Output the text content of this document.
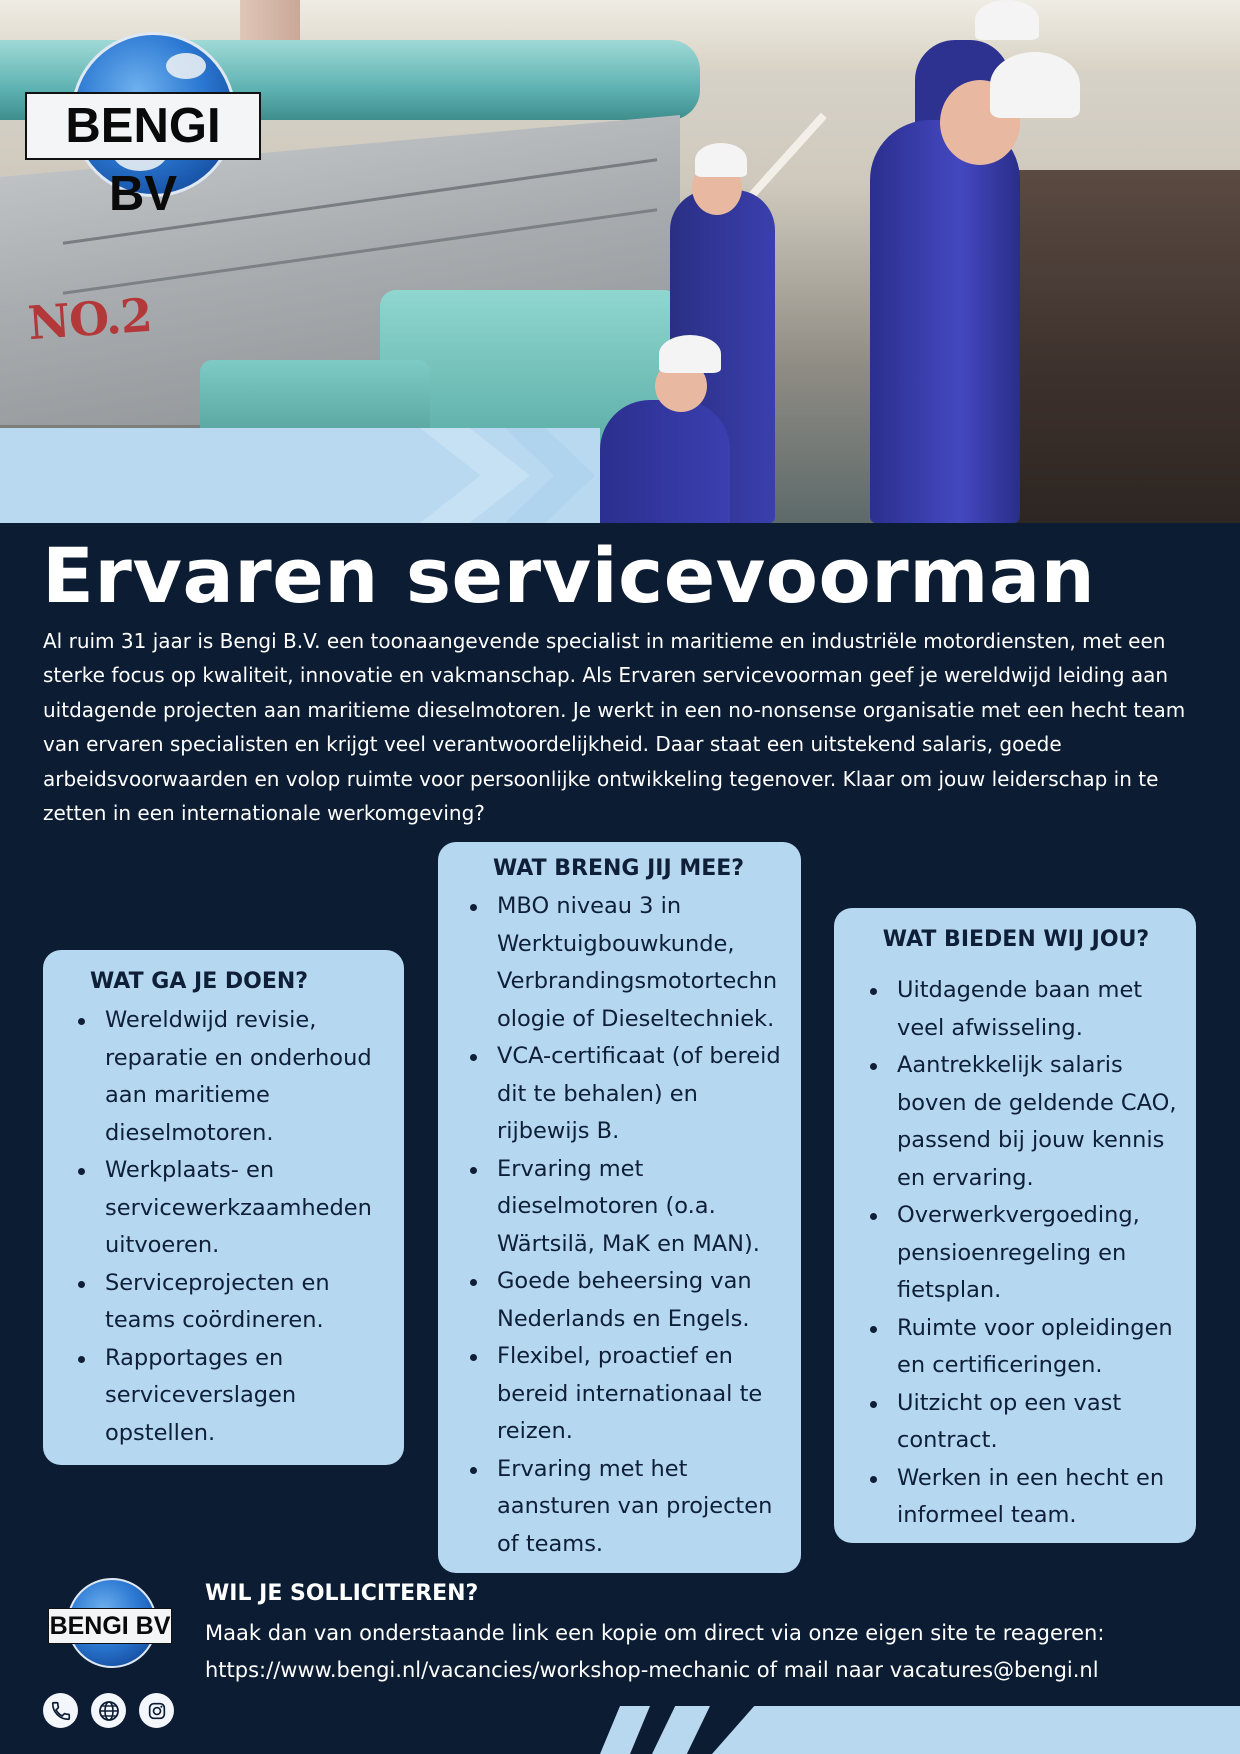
NO.2
BENGI BV
Ervaren servicevoorman

Al ruim 31 jaar is Bengi B.V. een toonaangevende specialist in maritieme en industriële motordiensten, met een sterke focus op kwaliteit, innovatie en vakmanschap. Als Ervaren servicevoorman geef je wereldwijd leiding aan uitdagende projecten aan maritieme dieselmotoren. Je werkt in een no-nonsense organisatie met een hecht team van ervaren specialisten en krijgt veel verantwoordelijkheid. Daar staat een uitstekend salaris, goede arbeidsvoorwaarden en volop ruimte voor persoonlijke ontwikkeling tegenover. Klaar om jouw leiderschap in te zetten in een internationale werkomgeving?

WAT GA JE DOEN?
Wereldwijd revisie, reparatie en onderhoud aan maritieme dieselmotoren.
Werkplaats- en servicewerkzaamheden uitvoeren.
Serviceprojecten en teams coördineren.
Rapportages en serviceverslagen opstellen.
WAT BRENG JIJ MEE?
MBO niveau 3 in Werktuigbouwkunde, Verbrandingsmotortechn ologie of Dieseltechniek.
VCA-certificaat (of bereid dit te behalen) en rijbewijs B.
Ervaring met dieselmotoren (o.a. Wärtsilä, MaK en MAN).
Goede beheersing van Nederlands en Engels.
Flexibel, proactief en bereid internationaal te reizen.
Ervaring met het aansturen van projecten of teams.
WAT BIEDEN WIJ JOU?
Uitdagende baan met veel afwisseling.
Aantrekkelijk salaris boven de geldende CAO, passend bij jouw kennis en ervaring.
Overwerkvergoeding, pensioenregeling en fietsplan.
Ruimte voor opleidingen en certificeringen.
Uitzicht op een vast contract.
Werken in een hecht en informeel team.
BENGI BV
WIL JE SOLLICITEREN?

Maak dan van onderstaande link een kopie om direct via onze eigen site te reageren:

https://www.bengi.nl/vacancies/workshop-mechanic of mail naar vacatures@bengi.nl
